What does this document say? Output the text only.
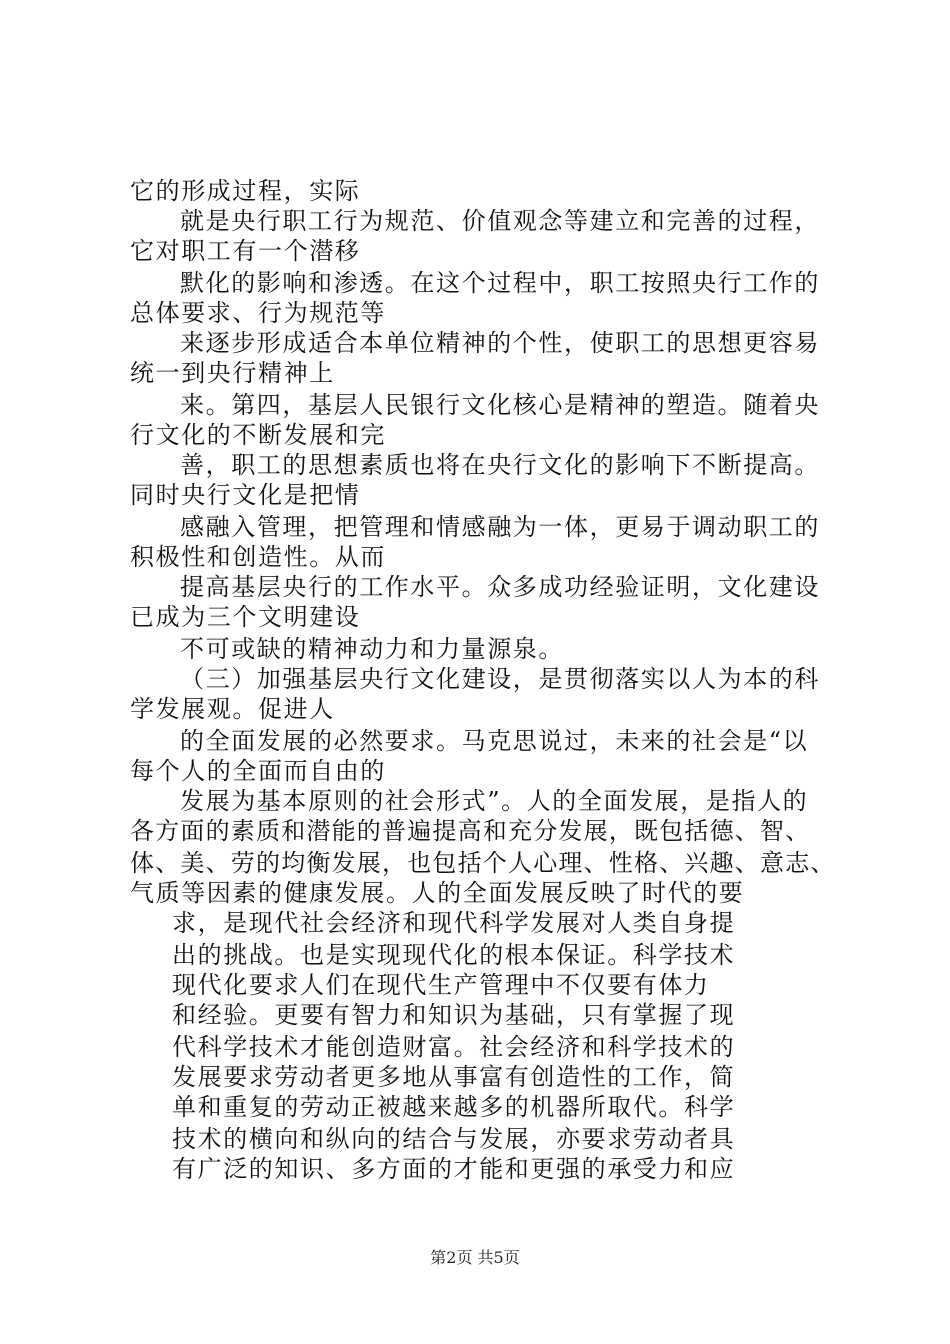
它的形成过程，实际
就是央行职工行为规范、价值观念等建立和完善的过程，
它对职工有一个潜移
默化的影响和渗透。在这个过程中，职工按照央行工作的
总体要求、行为规范等
来逐步形成适合本单位精神的个性，使职工的思想更容易
统一到央行精神上
来。第四，基层人民银行文化核心是精神的塑造。随着央
行文化的不断发展和完
善，职工的思想素质也将在央行文化的影响下不断提高。
同时央行文化是把情
感融入管理，把管理和情感融为一体，更易于调动职工的
积极性和创造性。从而
提高基层央行的工作水平。众多成功经验证明，文化建设
已成为三个文明建设
不可或缺的精神动力和力量源泉。
（三）加强基层央行文化建设，是贯彻落实以人为本的科
学发展观。促进人
的全面发展的必然要求。马克思说过，未来的社会是“以
每个人的全面而自由的
发展为基本原则的社会形式”。人的全面发展，是指人的
各方面的素质和潜能的普遍提高和充分发展，既包括德、智、
体、美、劳的均衡发展，也包括个人心理、性格、兴趣、意志、
气质等因素的健康发展。人的全面发展反映了时代的要
求，是现代社会经济和现代科学发展对人类自身提
出的挑战。也是实现现代化的根本保证。科学技术
现代化要求人们在现代生产管理中不仅要有体力
和经验。更要有智力和知识为基础，只有掌握了现
代科学技术才能创造财富。社会经济和科学技术的
发展要求劳动者更多地从事富有创造性的工作，简
单和重复的劳动正被越来越多的机器所取代。科学
技术的横向和纵向的结合与发展，亦要求劳动者具
有广泛的知识、多方面的才能和更强的承受力和应
第2页 共5页
